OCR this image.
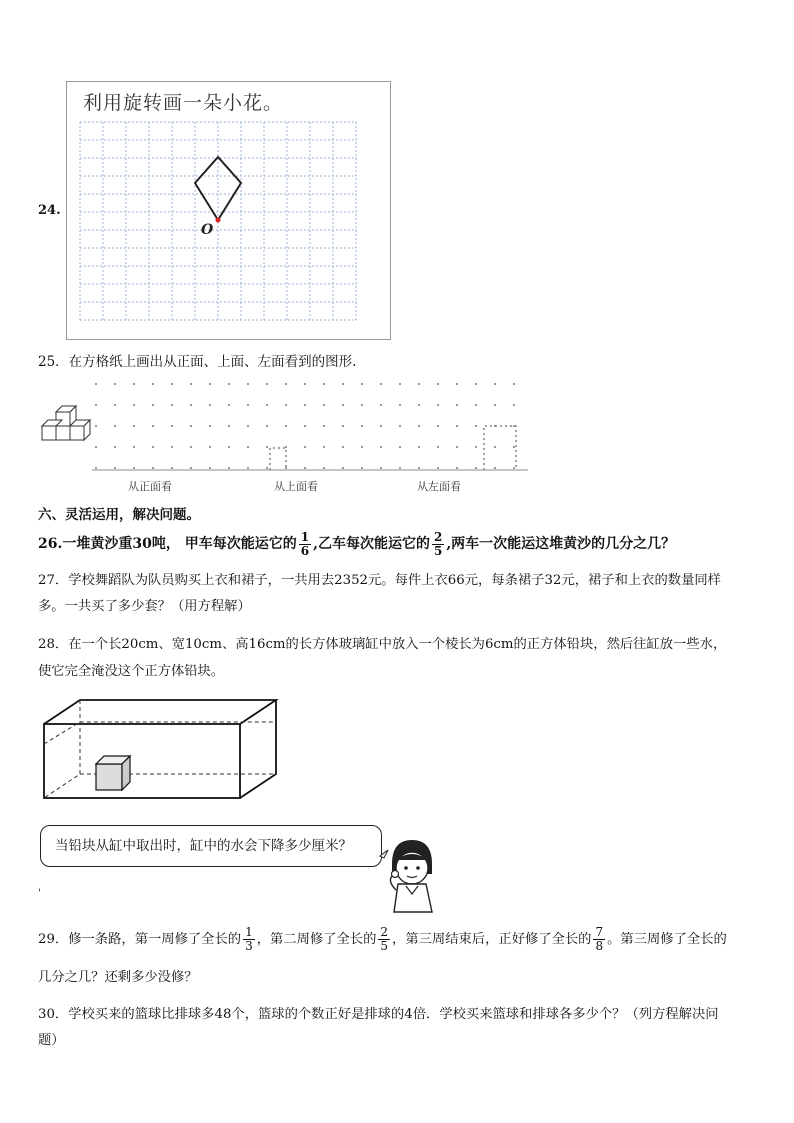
24.
利用旋转画一朵小花。
O
25．在方格纸上画出从正面、上面、左面看到的图形.
从正面看	从上面看	从左面看
六、灵活运用，解决问题。
26.一堆黄沙重30吨， 甲车每次能运它的 $\frac{1}{6}$ ,乙车每次能运它的 $\frac{2}{5}$ ,两车一次能运这堆黄沙的几分之几？
27．学校舞蹈队为队员购买上衣和裙子，一共用去2352元。每件上衣66元，每条裙子32元，裙子和上衣的数量同样
多。一共买了多少套？（用方程解）
28．在一个长20cm、宽10cm、高16cm的长方体玻璃缸中放入一个棱长为6cm的正方体铅块，然后往缸放一些水，
使它完全淹没这个正方体铅块。
当铅块从缸中取出时，缸中的水会下降多少厘米？
'
29．修一条路，第一周修了全长的 $\frac{1}{3}$ ，第二周修了全长的 $\frac{2}{5}$ ，第三周结束后，正好修了全长的 $\frac{7}{8}$ 。第三周修了全长的
几分之几？还剩多少没修？
30．学校买来的篮球比排球多48个，篮球的个数正好是排球的4倍．学校买来篮球和排球各多少个？（列方程解决问
题）
